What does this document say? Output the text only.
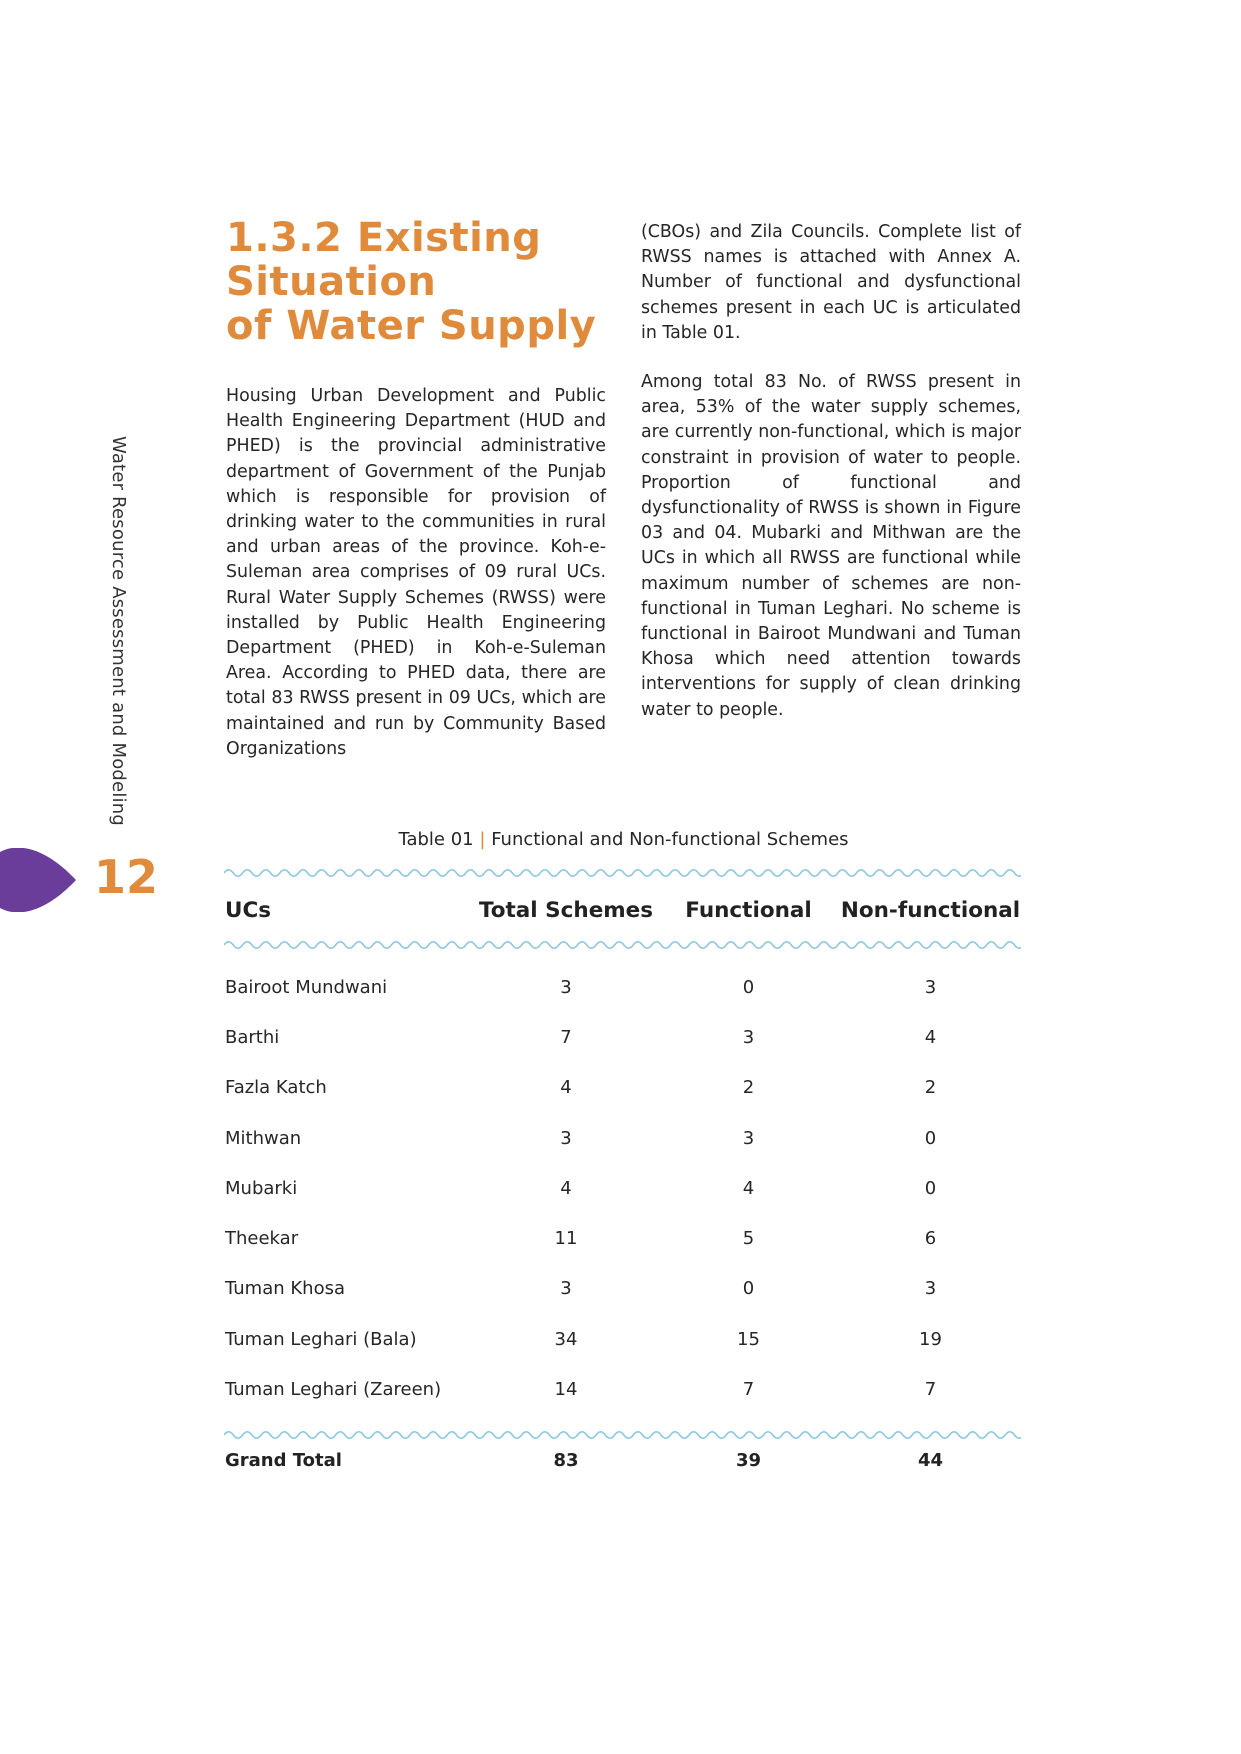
Water Resource Assessment and Modeling
12
1.3.2 Existing
Situation
of Water Supply

Housing Urban Development and Public Health Engineering Department (HUD and PHED) is the provincial administrative department of Government of the Punjab which is responsible for provision of drinking water to the communities in rural and urban areas of the province. Koh-e-Suleman area comprises of 09 rural UCs. Rural Water Supply Schemes (RWSS) were installed by Public Health Engineering Department (PHED) in Koh-e-Suleman Area. According to PHED data, there are total 83 RWSS present in 09 UCs, which are maintained and run by Community Based Organizations

(CBOs) and Zila Councils. Complete list of RWSS names is attached with Annex A. Number of functional and dysfunctional schemes present in each UC is articulated in Table 01.

Among total 83 No. of RWSS present in area, 53% of the water supply schemes, are currently non-functional, which is major constraint in provision of water to people. Proportion of functional and dysfunctionality of RWSS is shown in Figure 03 and 04. Mubarki and Mithwan are the UCs in which all RWSS are functional while maximum number of schemes are non-functional in Tuman Leghari. No scheme is functional in Bairoot Mundwani and Tuman Khosa which need attention towards interventions for supply of clean drinking water to people.

Table 01 | Functional and Non-functional Schemes
UCs	Total Schemes	Functional	Non-functional
Bairoot Mundwani	3	0	3
Barthi	7	3	4
Fazla Katch	4	2	2
Mithwan	3	3	0
Mubarki	4	4	0
Theekar	11	5	6
Tuman Khosa	3	0	3
Tuman Leghari (Bala)	34	15	19
Tuman Leghari (Zareen)	14	7	7
Grand Total	83	39	44
